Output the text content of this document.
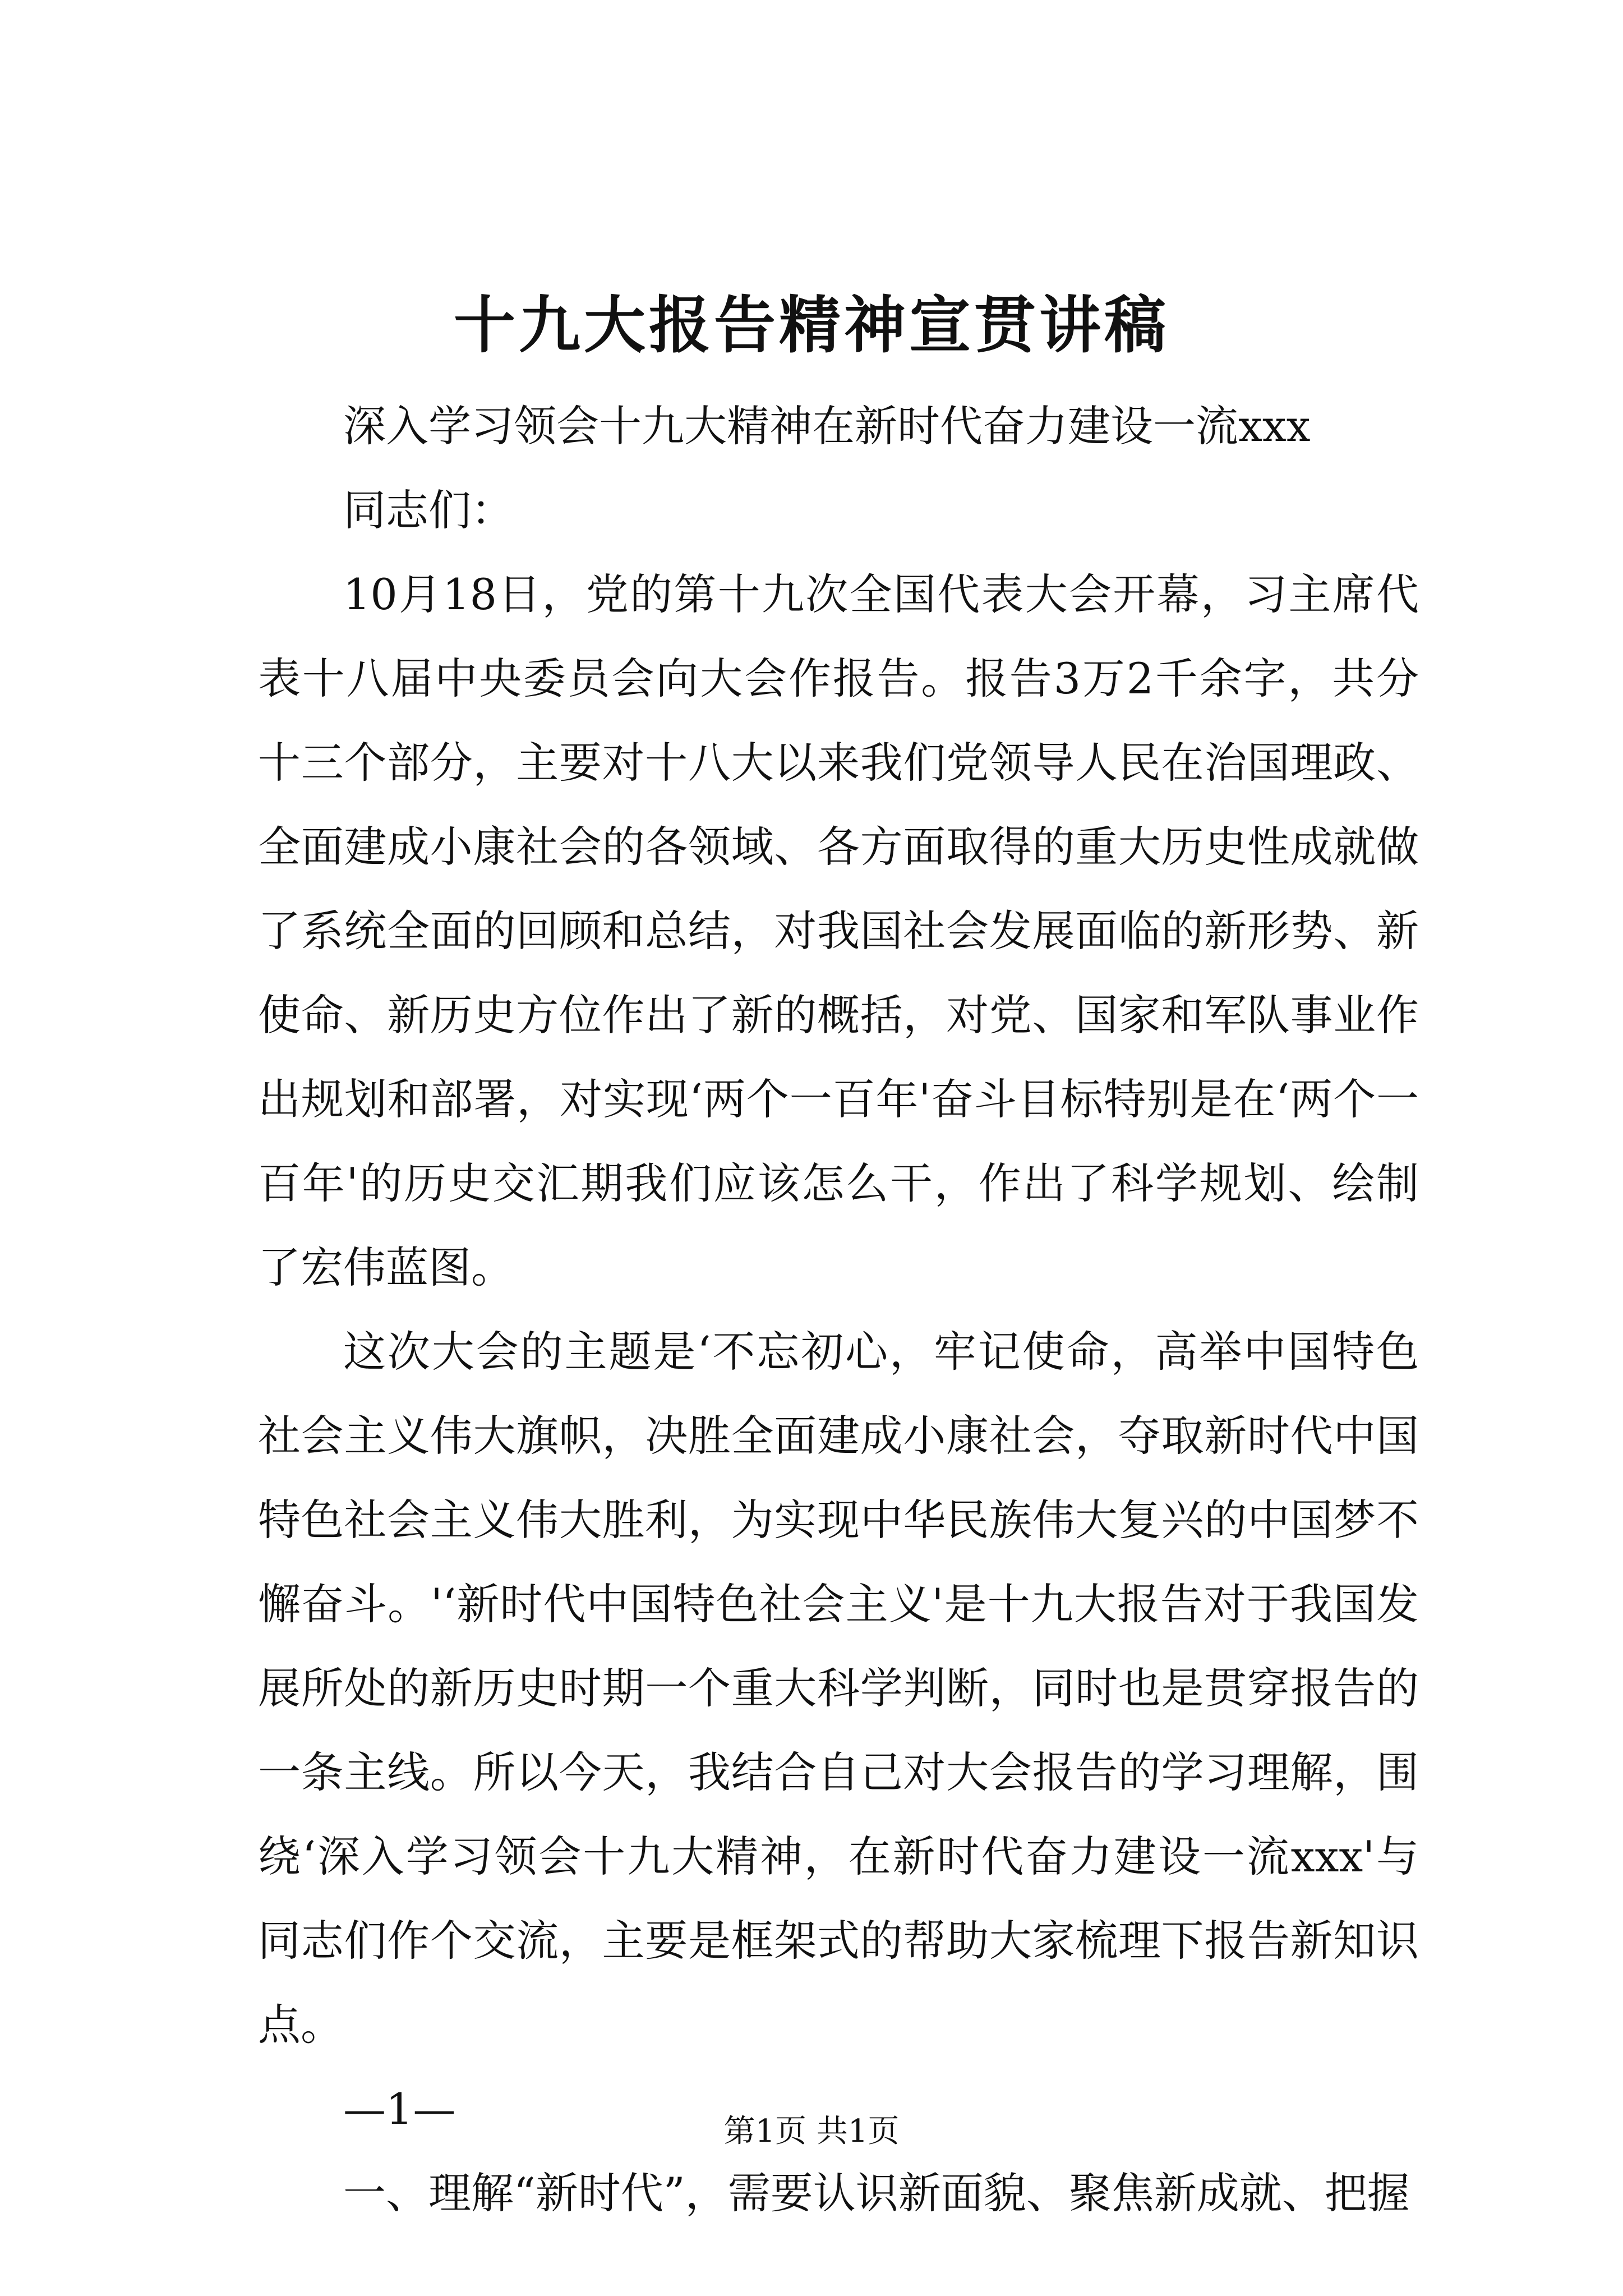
十九大报告精神宣贯讲稿

深入学习领会十九大精神在新时代奋力建设一流xxx

同志们：

10月18日，党的第十九次全国代表大会开幕，习主席代表十八届中央委员会向大会作报告。报告3万2千余字，共分十三个部分，主要对十八大以来我们党领导人民在治国理政、全面建成小康社会的各领域、各方面取得的重大历史性成就做了系统全面的回顾和总结，对我国社会发展面临的新形势、新使命、新历史方位作出了新的概括，对党、国家和军队事业作出规划和部署，对实现‘两个一百年'奋斗目标特别是在‘两个一百年'的历史交汇期我们应该怎么干，作出了科学规划、绘制了宏伟蓝图。

这次大会的主题是‘不忘初心，牢记使命，高举中国特色社会主义伟大旗帜，决胜全面建成小康社会，夺取新时代中国特色社会主义伟大胜利，为实现中华民族伟大复兴的中国梦不懈奋斗。'‘新时代中国特色社会主义'是十九大报告对于我国发展所处的新历史时期一个重大科学判断，同时也是贯穿报告的一条主线。所以今天，我结合自己对大会报告的学习理解，围绕‘深入学习领会十九大精神，在新时代奋力建设一流xxx'与同志们作个交流，主要是框架式的帮助大家梳理下报告新知识点。

—1—

一、理解“新时代”，需要认识新面貌、聚焦新成就、把握

第1页 共1页
